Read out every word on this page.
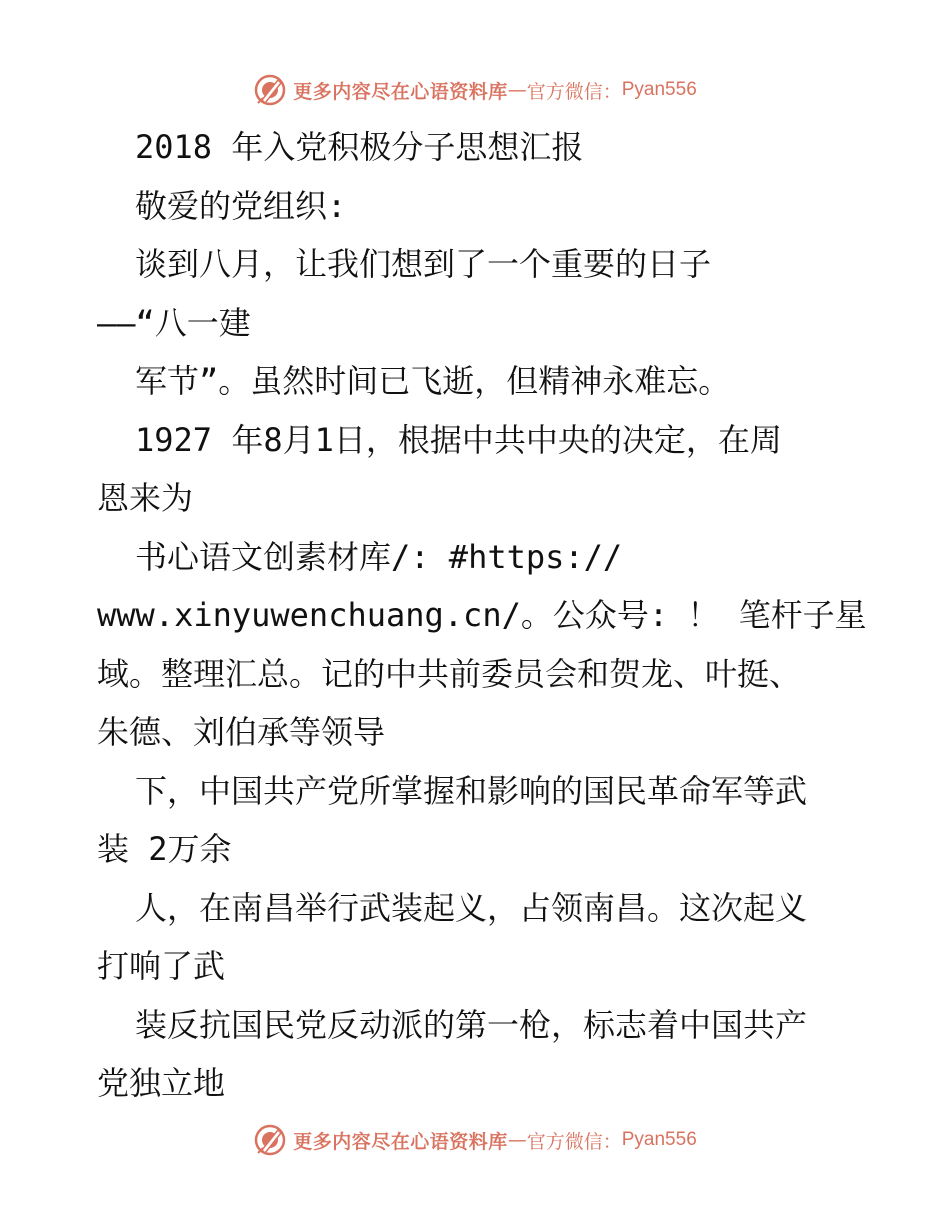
更多内容尽在心语资料库 — 官方微信： Pyan556
2018 年入党积极分子思想汇报
敬爱的党组织:
谈到八月，让我们想到了一个重要的日子
——“八一建
军节”。虽然时间已飞逝，但精神永难忘。
1927 年8月1日，根据中共中央的决定，在周
恩来为
书心语文创素材库/: #https://
www.xinyuwenchuang.cn/。公众号: ！ 笔杆子星
域。整理汇总。记的中共前委员会和贺龙、叶挺、
朱德、刘伯承等领导
下，中国共产党所掌握和影响的国民革命军等武
装 2万余
人，在南昌举行武装起义，占领南昌。这次起义
打响了武
装反抗国民党反动派的第一枪，标志着中国共产
党独立地
更多内容尽在心语资料库 — 官方微信： Pyan556
